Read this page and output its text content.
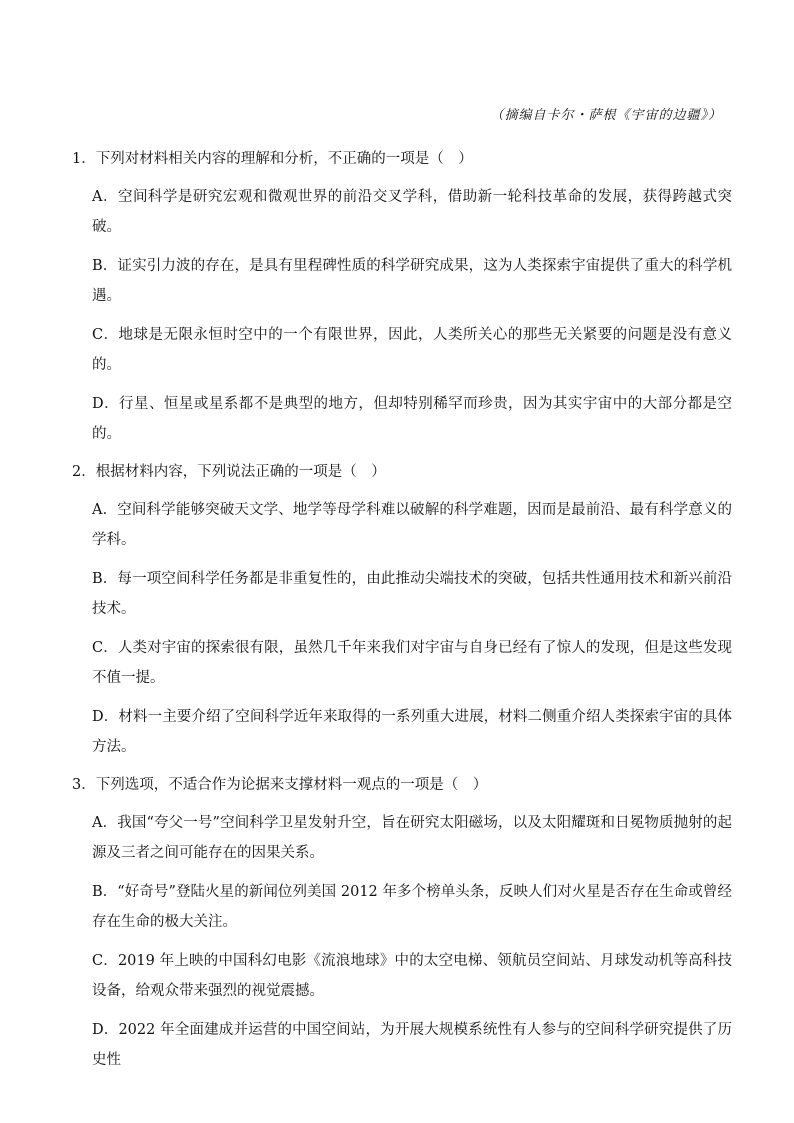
（摘编自卡尔・萨根《宇宙的边疆》）

1．下列对材料相关内容的理解和分析，不正确的一项是（　）

A．空间科学是研究宏观和微观世界的前沿交叉学科，借助新一轮科技革命的发展，获得跨越式突破。

B．证实引力波的存在，是具有里程碑性质的科学研究成果，这为人类探索宇宙提供了重大的科学机遇。

C．地球是无限永恒时空中的一个有限世界，因此，人类所关心的那些无关紧要的问题是没有意义的。

D．行星、恒星或星系都不是典型的地方，但却特别稀罕而珍贵，因为其实宇宙中的大部分都是空的。

2．根据材料内容，下列说法正确的一项是（　）

A．空间科学能够突破天文学、地学等母学科难以破解的科学难题，因而是最前沿、最有科学意义的学科。

B．每一项空间科学任务都是非重复性的，由此推动尖端技术的突破，包括共性通用技术和新兴前沿技术。

C．人类对宇宙的探索很有限，虽然几千年来我们对宇宙与自身已经有了惊人的发现，但是这些发现不值一提。

D．材料一主要介绍了空间科学近年来取得的一系列重大进展，材料二侧重介绍人类探索宇宙的具体方法。

3．下列选项，不适合作为论据来支撑材料一观点的一项是（　）

A．我国“夸父一号”空间科学卫星发射升空，旨在研究太阳磁场，以及太阳耀斑和日冕物质抛射的起源及三者之间可能存在的因果关系。

B．“好奇号”登陆火星的新闻位列美国 2012 年多个榜单头条，反映人们对火星是否存在生命或曾经存在生命的极大关注。

C．2019 年上映的中国科幻电影《流浪地球》中的太空电梯、领航员空间站、月球发动机等高科技设备，给观众带来强烈的视觉震撼。

D．2022 年全面建成并运营的中国空间站，为开展大规模系统性有人参与的空间科学研究提供了历史性
